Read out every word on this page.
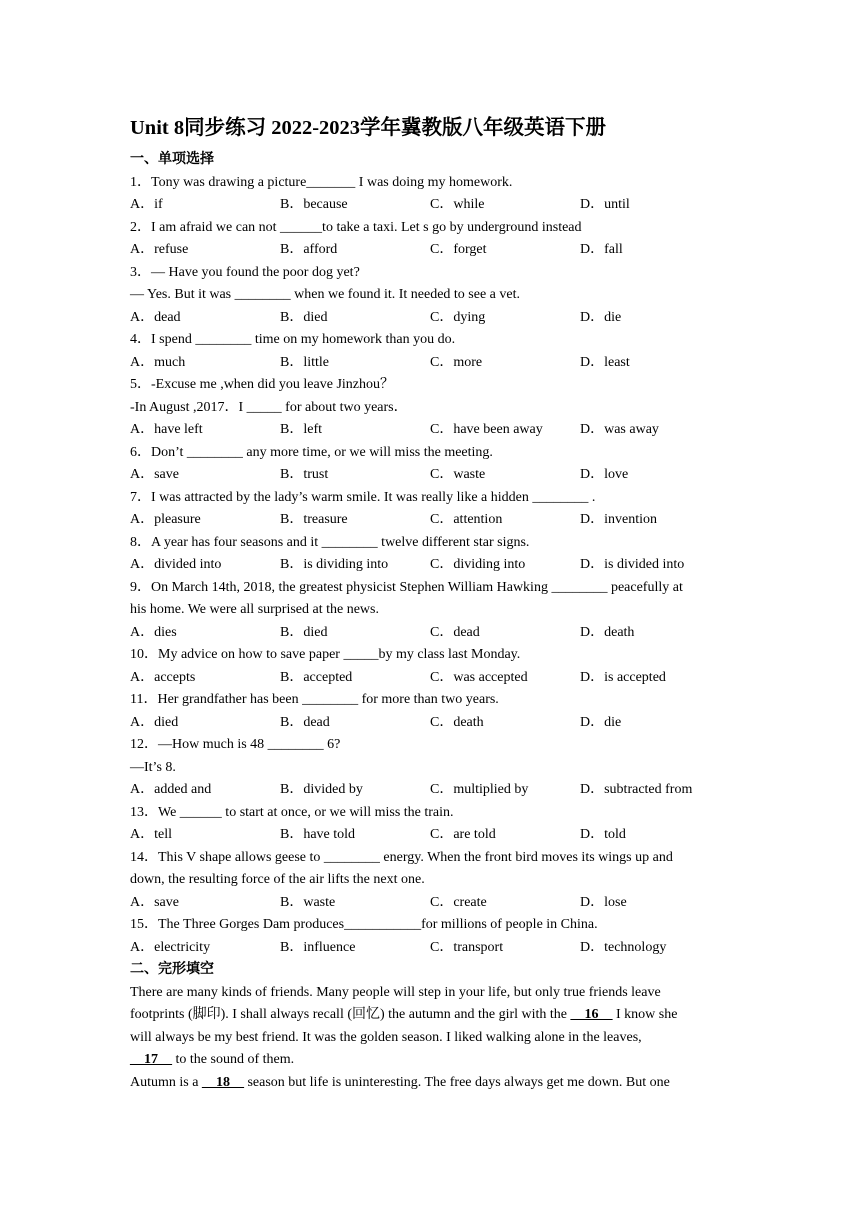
Unit 8同步练习 2022-2023学年冀教版八年级英语下册
一、单项选择
1．Tony was drawing a picture_______ I was doing my homework.
A．if	B．because	C．while	D．until
2．I am afraid we can not ______to take a taxi. Let s go by underground instead
A．refuse	B．afford	C．forget	D．fall
3．— Have you found the poor dog yet?
— Yes. But it was ________ when we found it. It needed to see a vet.
A．dead	B．died	C．dying	D．die
4．I spend ________ time on my homework than you do.
A．much	B．little	C．more	D．least
5．-Excuse me ,when did you leave Jinzhou？
-In August ,2017．I _____ for about two years．
A．have left	B．left	C．have been away	D．was away
6．Don’t ________ any more time, or we will miss the meeting.
A．save	B．trust	C．waste	D．love
7．I was attracted by the lady’s warm smile. It was really like a hidden ________ .
A．pleasure	B．treasure	C．attention	D．invention
8．A year has four seasons and it ________ twelve different star signs.
A．divided into	B．is dividing into	C．dividing into	D．is divided into
9．On March 14th, 2018, the greatest physicist Stephen William Hawking ________ peacefully at
his home. We were all surprised at the news.
A．dies	B．died	C．dead	D．death
10．My advice on how to save paper _____by my class last Monday.
A．accepts	B．accepted	C．was accepted	D．is accepted
11．Her grandfather has been ________ for more than two years.
A．died	B．dead	C．death	D．die
12．—How much is 48 ________ 6?
—It’s 8.
A．added and	B．divided by	C．multiplied by	D．subtracted from
13．We ______ to start at once, or we will miss the train.
A．tell	B．have told	C．are told	D．told
14．This V shape allows geese to ________ energy. When the front bird moves its wings up and
down, the resulting force of the air lifts the next one.
A．save	B．waste	C．create	D．lose
15．The Three Gorges Dam produces___________for millions of people in China.
A．electricity	B．influence	C．transport	D．technology
二、完形填空
There are many kinds of friends. Many people will step in your life, but only true friends leave
footprints (脚印). I shall always recall (回忆) the autumn and the girl with the __16__ I know she
will always be my best friend. It was the golden season. I liked walking alone in the leaves,
__17__ to the sound of them.
Autumn is a __18__ season but life is uninteresting. The free days always get me down. But one
